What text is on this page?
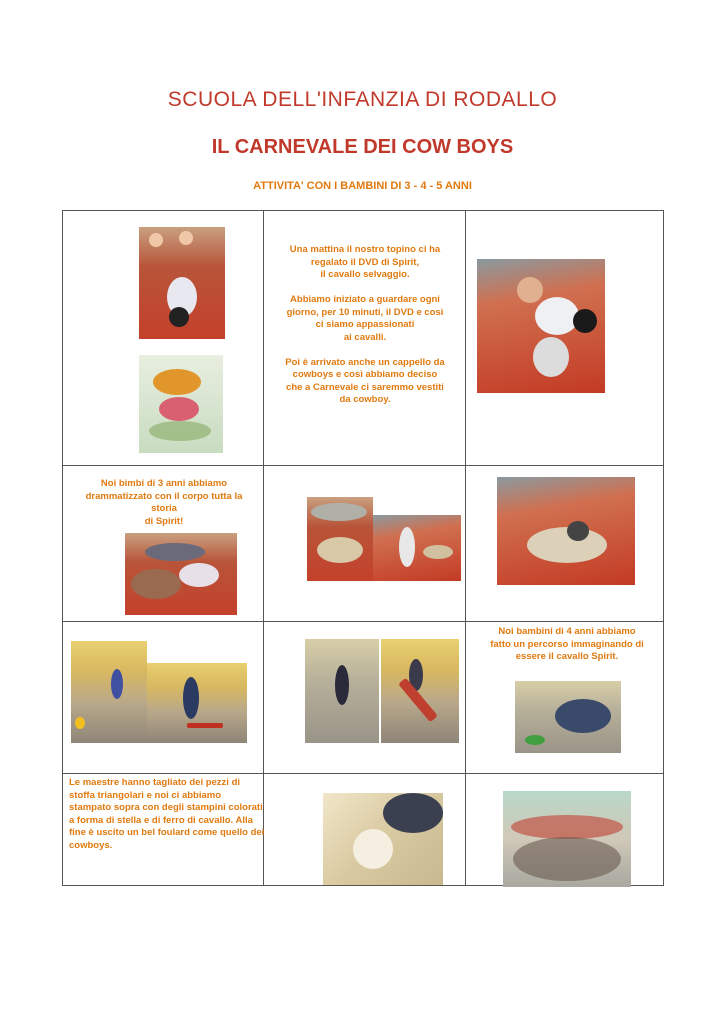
SCUOLA DELL'INFANZIA DI RODALLO
IL CARNEVALE DEI COW BOYS
ATTIVITA' CON I BAMBINI DI 3 - 4 - 5 ANNI
Una mattina il nostro topino ci ha
regalato il DVD di Spirit,
il cavallo selvaggio.
Abbiamo iniziato a guardare ogni
giorno, per 10 minuti, il DVD e così
ci siamo appassionati
ai cavalli.
Poi è arrivato anche un cappello da
cowboys e così abbiamo deciso
che a Carnevale ci saremmo vestiti
da cowboy.
Noi bimbi di 3 anni abbiamo
drammatizzato con il corpo tutta la storia
di Spirit!
Noi bambini di 4 anni abbiamo
fatto un percorso immaginando di
essere il cavallo Spirit.
Le maestre hanno tagliato dei pezzi di
stoffa triangolari e noi ci abbiamo
stampato sopra con degli stampini colorati
a forma di stella e di ferro di cavallo. Alla
fine è uscito un bel foulard come quello dei
cowboys.
